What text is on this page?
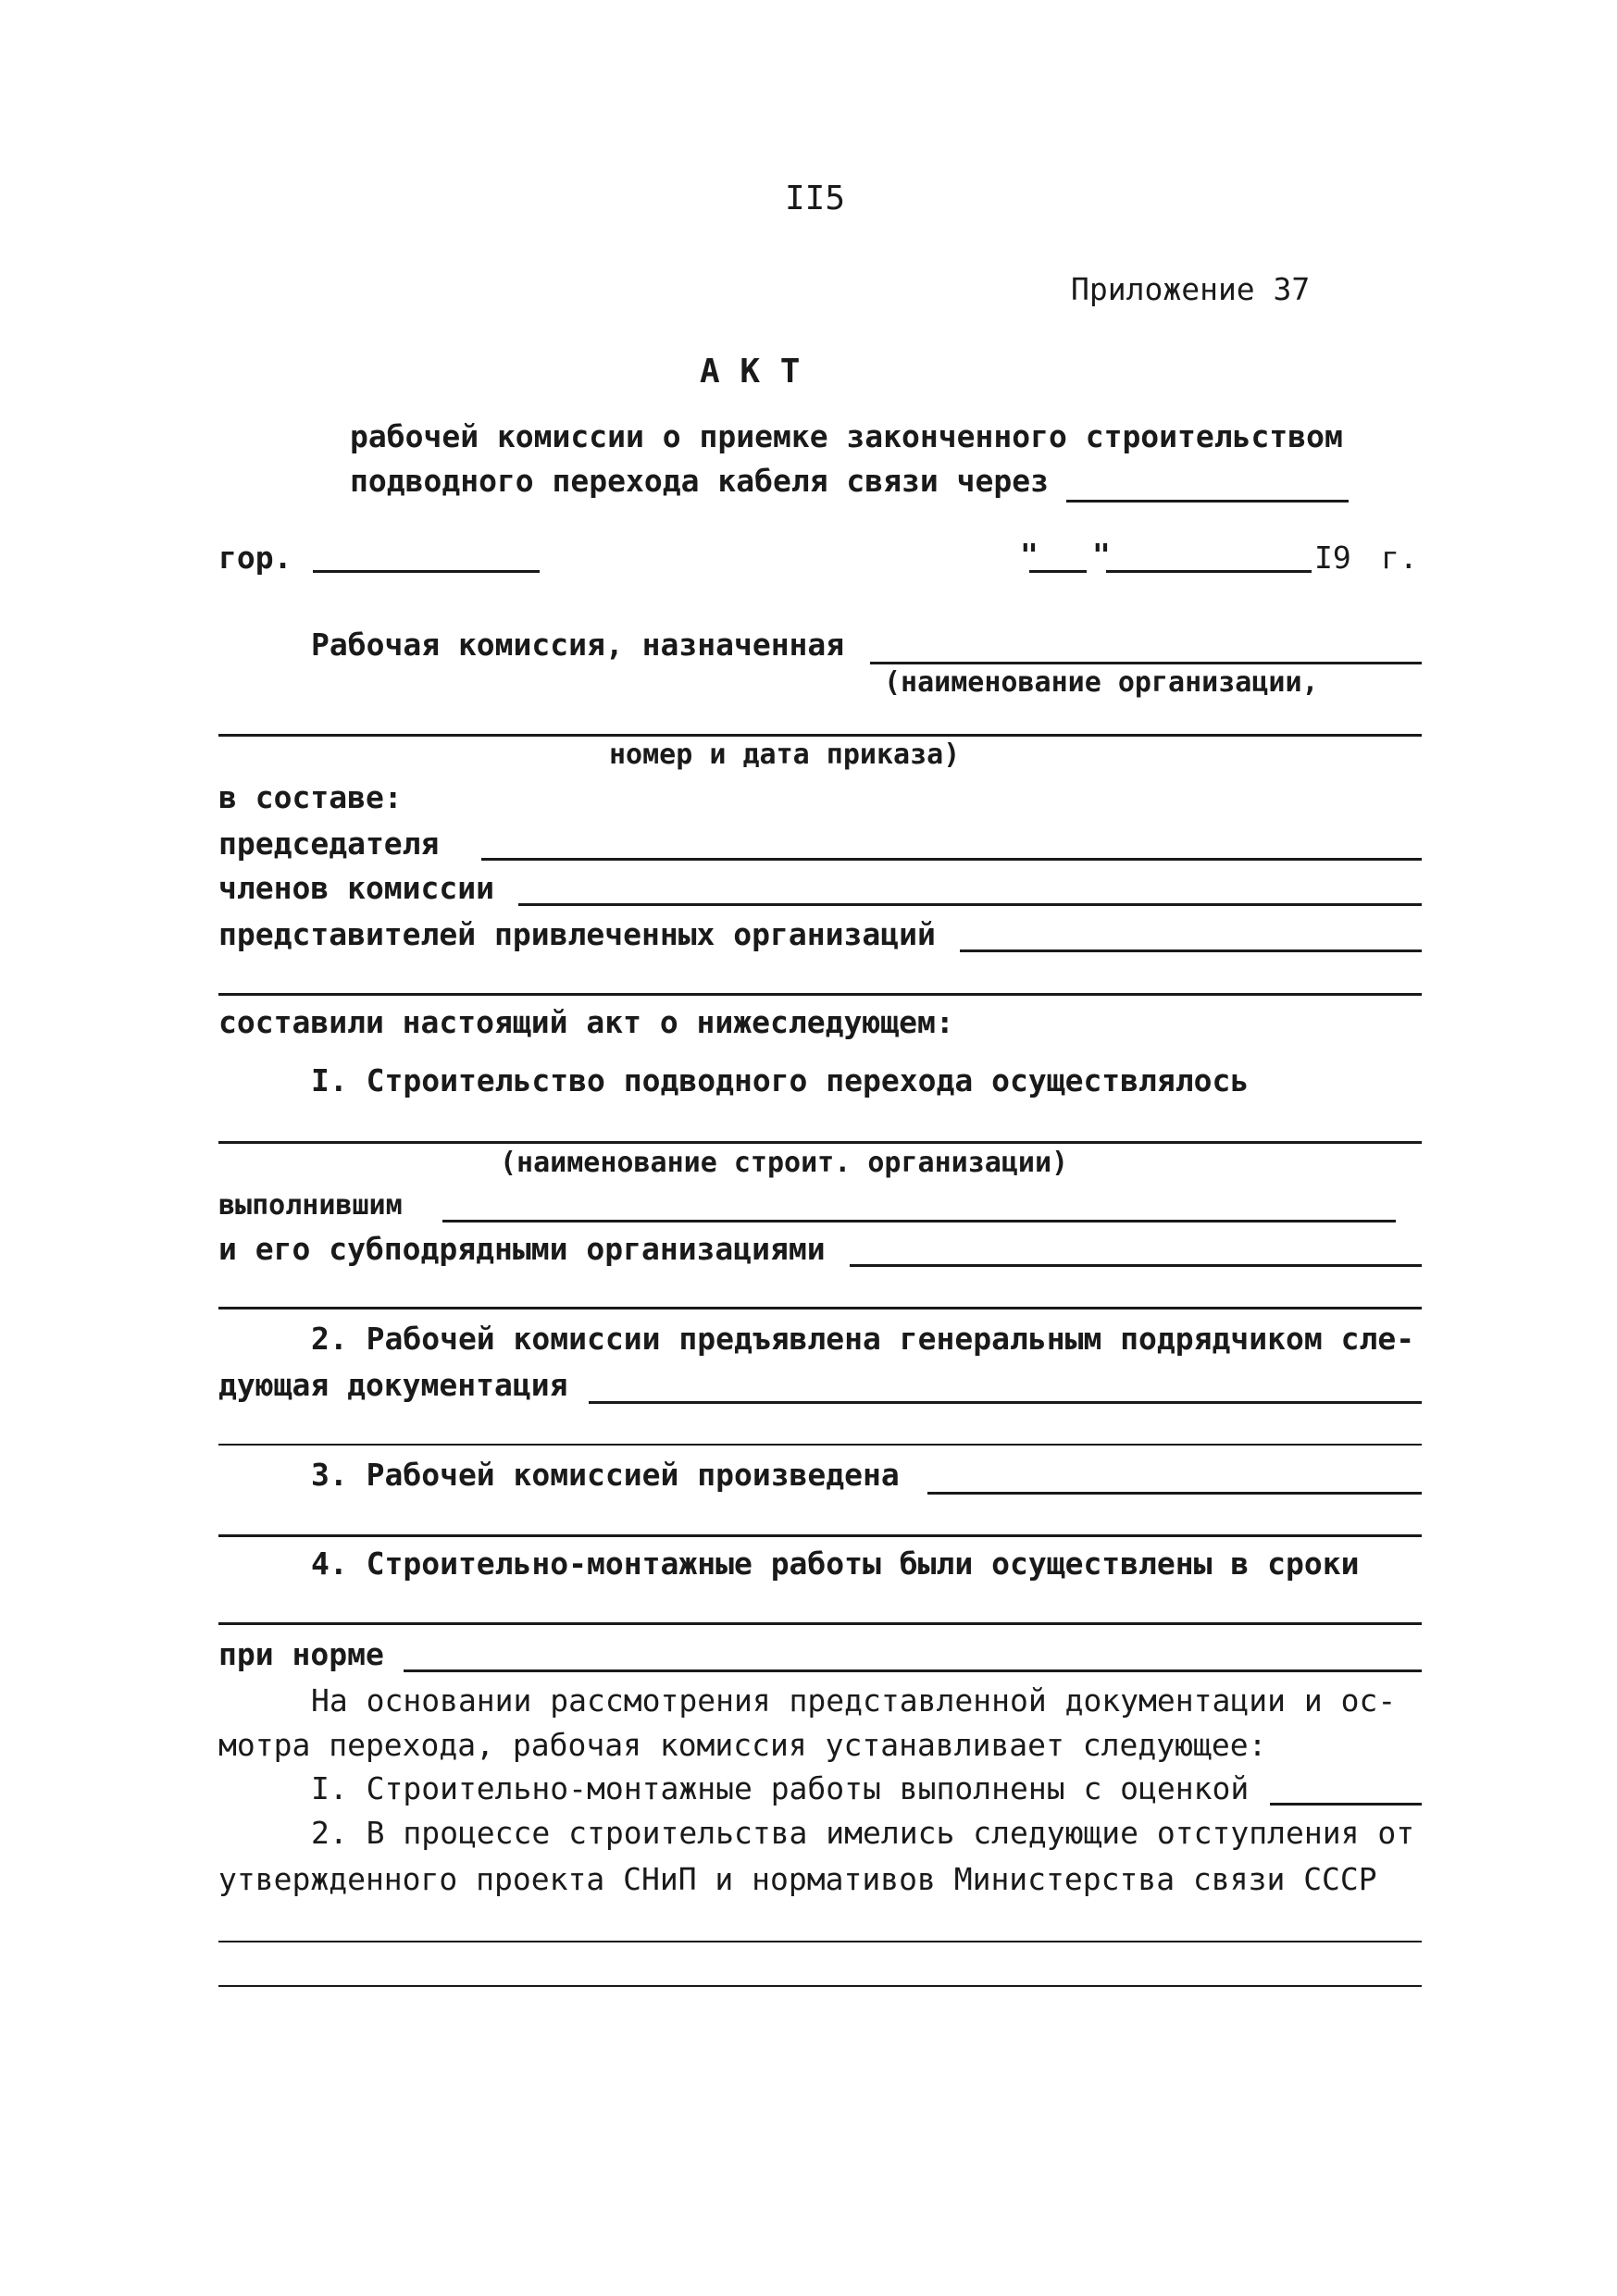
II5
Приложение 37
А К Т
рабочей комиссии о приемке законченного строительством
подводного перехода кабеля связи через
гор.	" "	I9 г.
Рабочая комиссия, назначенная
(наименование организации,
номер и дата приказа)
в составе:
председателя
членов комиссии
представителей привлеченных организаций
составили настоящий акт о нижеследующем:
I. Строительство подводного перехода осуществлялось
(наименование строит. организации)
выполнившим
и его субподрядными организациями
2. Рабочей комиссии предъявлена генеральным подрядчиком сле-
дующая документация
3. Рабочей комиссией произведена
4. Строительно-монтажные работы были осуществлены в сроки
при норме
На основании рассмотрения представленной документации и ос-
мотра перехода, рабочая комиссия устанавливает следующее:
I. Строительно-монтажные работы выполнены с оценкой
2. В процессе строительства имелись следующие отступления от
утвержденного проекта СНиП и нормативов Министерства связи СССР
